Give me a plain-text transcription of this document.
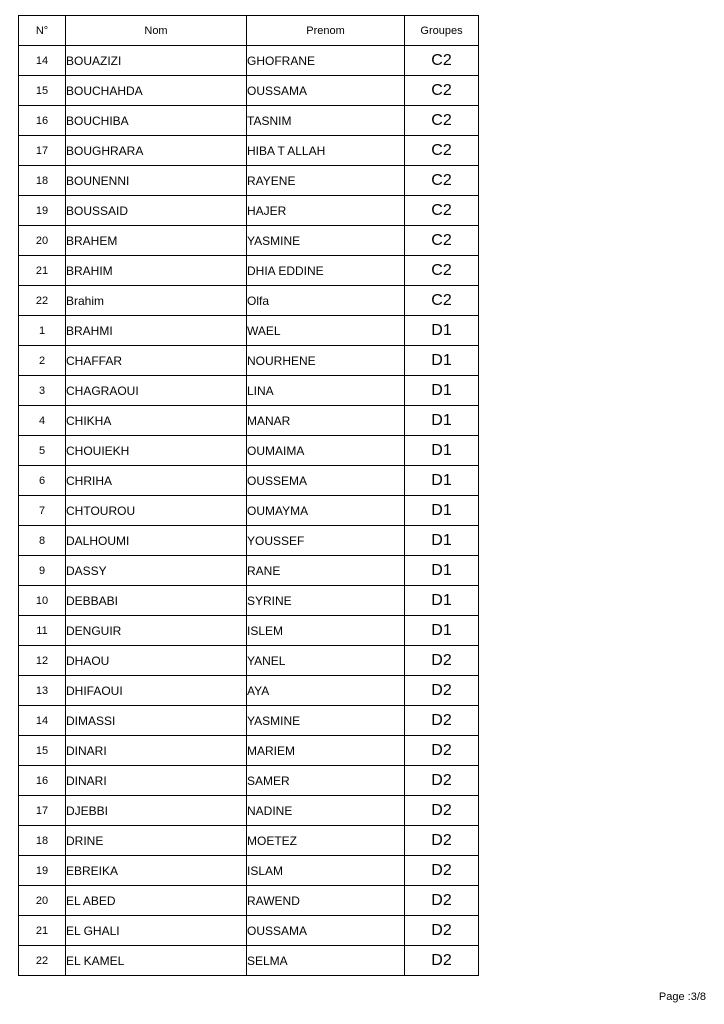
N°	Nom	Prenom	Groupes
14	BOUAZIZI	GHOFRANE	C2
15	BOUCHAHDA	OUSSAMA	C2
16	BOUCHIBA	TASNIM	C2
17	BOUGHRARA	HIBA T ALLAH	C2
18	BOUNENNI	RAYENE	C2
19	BOUSSAID	HAJER	C2
20	BRAHEM	YASMINE	C2
21	BRAHIM	DHIA EDDINE	C2
22	Brahim	Olfa	C2
1	BRAHMI	WAEL	D1
2	CHAFFAR	NOURHENE	D1
3	CHAGRAOUI	LINA	D1
4	CHIKHA	MANAR	D1
5	CHOUIEKH	OUMAIMA	D1
6	CHRIHA	OUSSEMA	D1
7	CHTOUROU	OUMAYMA	D1
8	DALHOUMI	YOUSSEF	D1
9	DASSY	RANE	D1
10	DEBBABI	SYRINE	D1
11	DENGUIR	ISLEM	D1
12	DHAOU	YANEL	D2
13	DHIFAOUI	AYA	D2
14	DIMASSI	YASMINE	D2
15	DINARI	MARIEM	D2
16	DINARI	SAMER	D2
17	DJEBBI	NADINE	D2
18	DRINE	MOETEZ	D2
19	EBREIKA	ISLAM	D2
20	EL ABED	RAWEND	D2
21	EL GHALI	OUSSAMA	D2
22	EL KAMEL	SELMA	D2
Page :3/8
